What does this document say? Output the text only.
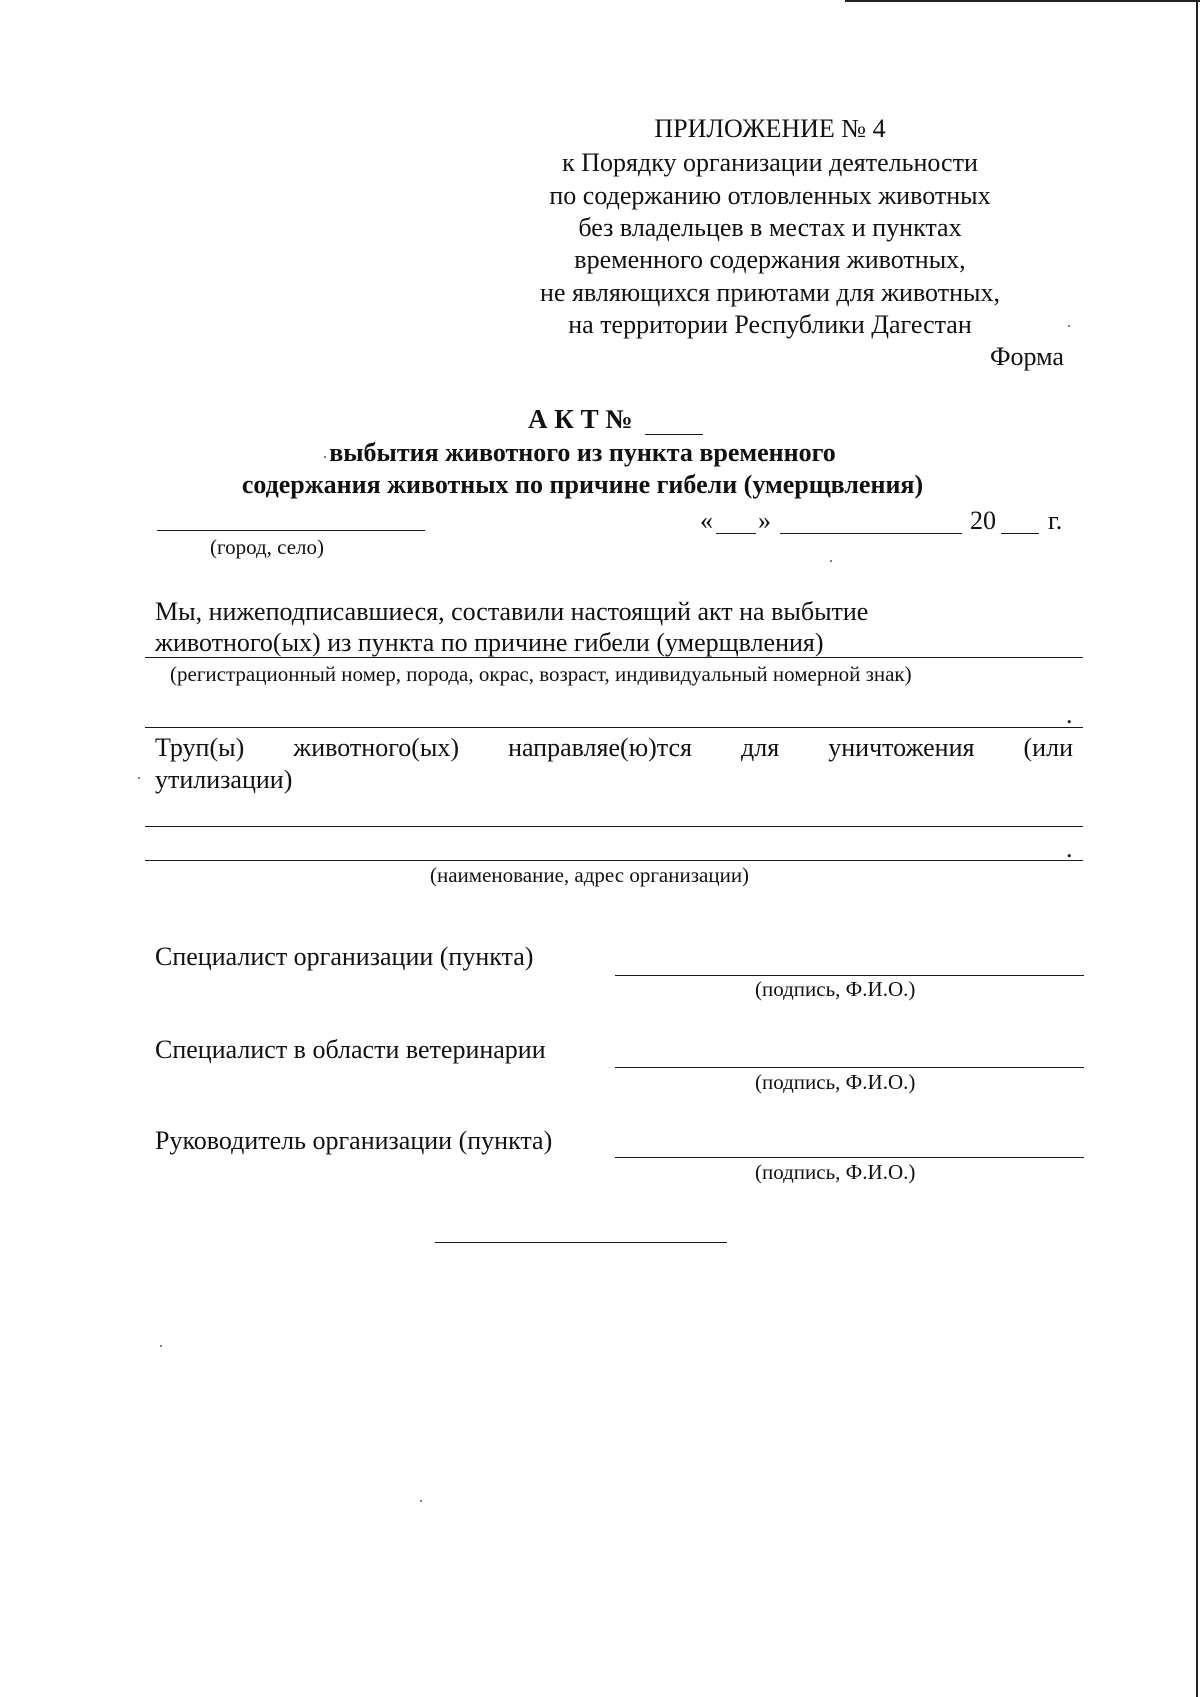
ПРИЛОЖЕНИЕ № 4
к Порядку организации деятельности
по содержанию отловленных животных
без владельцев в местах и пунктах
временного содержания животных,
не являющихся приютами для животных,
на территории Республики Дагестан
Форма
А К Т №
выбытия животного из пункта временного
содержания животных по причине гибели (умерщвления)
(город, село)
« »	20 г.
Мы, нижеподписавшиеся, составили настоящий акт на выбытие
животного(ых) из пункта по причине гибели (умерщвления)
(регистрационный номер, порода, окрас, возраст, индивидуальный номерной знак)
.
Труп(ы) животного(ых) направляе(ю)тся для уничтожения (или
утилизации)
.
(наименование, адрес организации)
Специалист организации (пункта)
(подпись, Ф.И.О.)
Специалист в области ветеринарии
(подпись, Ф.И.О.)
Руководитель организации (пункта)
(подпись, Ф.И.О.)
